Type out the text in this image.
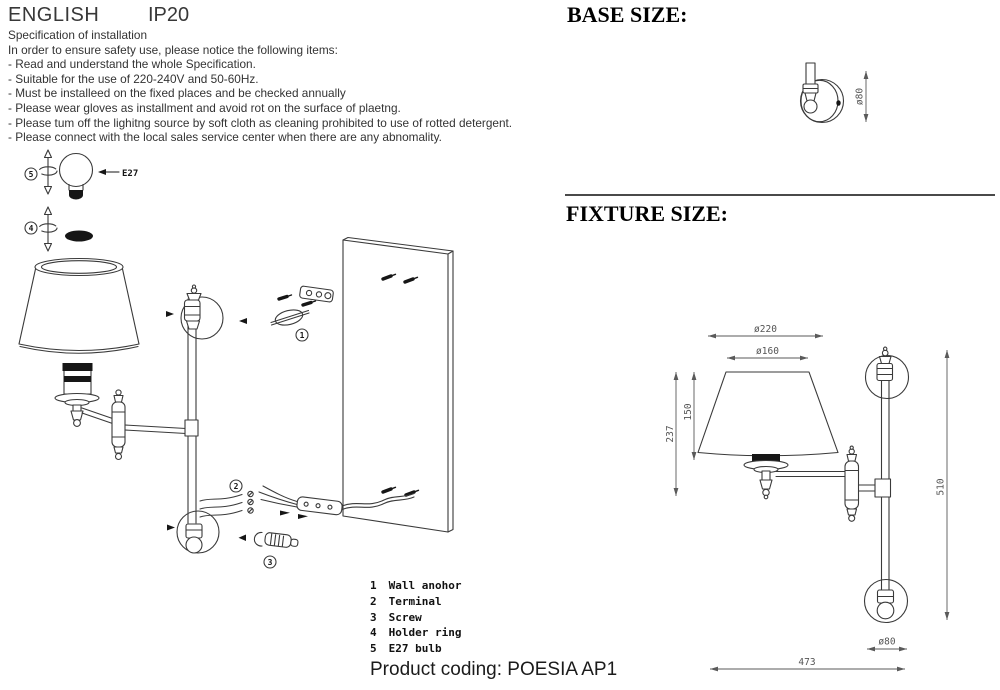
ENGLISH IP20
Specification of installation
In order to ensure safety use, please notice the following items:
- Read and understand the whole Specification.
- Suitable for the use of 220-240V and 50-60Hz.
- Must be installeed on the fixed places and be checked annually
- Please wear gloves as installment and avoid rot on the surface of plaetng.
- Please tum off the lighitng source by soft cloth as cleaning prohibited to use of rotted detergent.
- Please connect with the local sales service center when there are any abnomality.
5	E27
4
1
2
3
1 Wall anohor
2 Terminal
3 Screw
4 Holder ring
5 E27 bulb
Product coding: POESIA AP1
BASE SIZE:
ø80
FIXTURE SIZE:
ø220
ø160
237
150
510
ø80
473
